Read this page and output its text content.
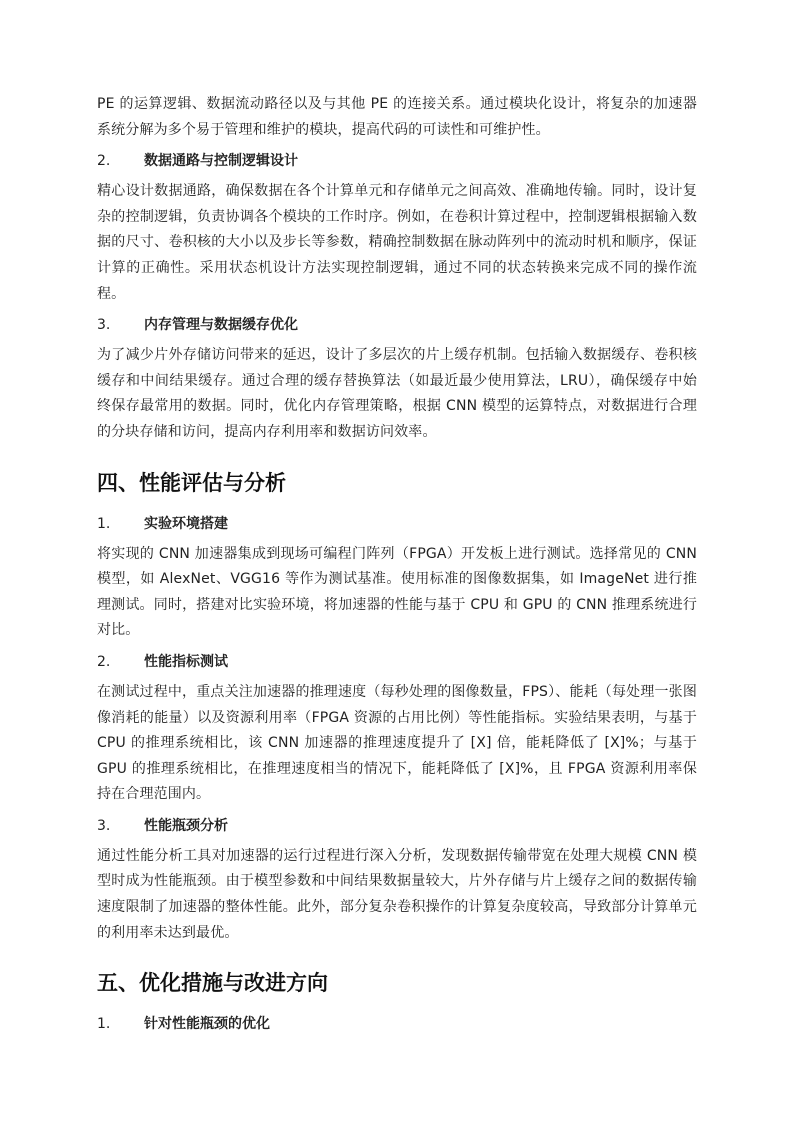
PE 的运算逻辑、数据流动路径以及与其他 PE 的连接关系。通过模块化设计，将复杂的加速器系统分解为多个易于管理和维护的模块，提高代码的可读性和可维护性。

2.	数据通路与控制逻辑设计

精心设计数据通路，确保数据在各个计算单元和存储单元之间高效、准确地传输。同时，设计复杂的控制逻辑，负责协调各个模块的工作时序。例如，在卷积计算过程中，控制逻辑根据输入数据的尺寸、卷积核的大小以及步长等参数，精确控制数据在脉动阵列中的流动时机和顺序，保证计算的正确性。采用状态机设计方法实现控制逻辑，通过不同的状态转换来完成不同的操作流程。

3.	内存管理与数据缓存优化

为了减少片外存储访问带来的延迟，设计了多层次的片上缓存机制。包括输入数据缓存、卷积核缓存和中间结果缓存。通过合理的缓存替换算法（如最近最少使用算法，LRU），确保缓存中始终保存最常用的数据。同时，优化内存管理策略，根据 CNN 模型的运算特点，对数据进行合理的分块存储和访问，提高内存利用率和数据访问效率。

四、性能评估与分析
1.	实验环境搭建

将实现的 CNN 加速器集成到现场可编程门阵列（FPGA）开发板上进行测试。选择常见的 CNN 模型，如 AlexNet、VGG16 等作为测试基准。使用标准的图像数据集，如 ImageNet 进行推理测试。同时，搭建对比实验环境，将加速器的性能与基于 CPU 和 GPU 的 CNN 推理系统进行对比。

2.	性能指标测试

在测试过程中，重点关注加速器的推理速度（每秒处理的图像数量，FPS）、能耗（每处理一张图像消耗的能量）以及资源利用率（FPGA 资源的占用比例）等性能指标。实验结果表明，与基于 CPU 的推理系统相比，该 CNN 加速器的推理速度提升了 [X] 倍，能耗降低了 [X]%；与基于 GPU 的推理系统相比，在推理速度相当的情况下，能耗降低了 [X]%，且 FPGA 资源利用率保持在合理范围内。

3.	性能瓶颈分析

通过性能分析工具对加速器的运行过程进行深入分析，发现数据传输带宽在处理大规模 CNN 模型时成为性能瓶颈。由于模型参数和中间结果数据量较大，片外存储与片上缓存之间的数据传输速度限制了加速器的整体性能。此外，部分复杂卷积操作的计算复杂度较高，导致部分计算单元的利用率未达到最优。

五、优化措施与改进方向
1.	针对性能瓶颈的优化
